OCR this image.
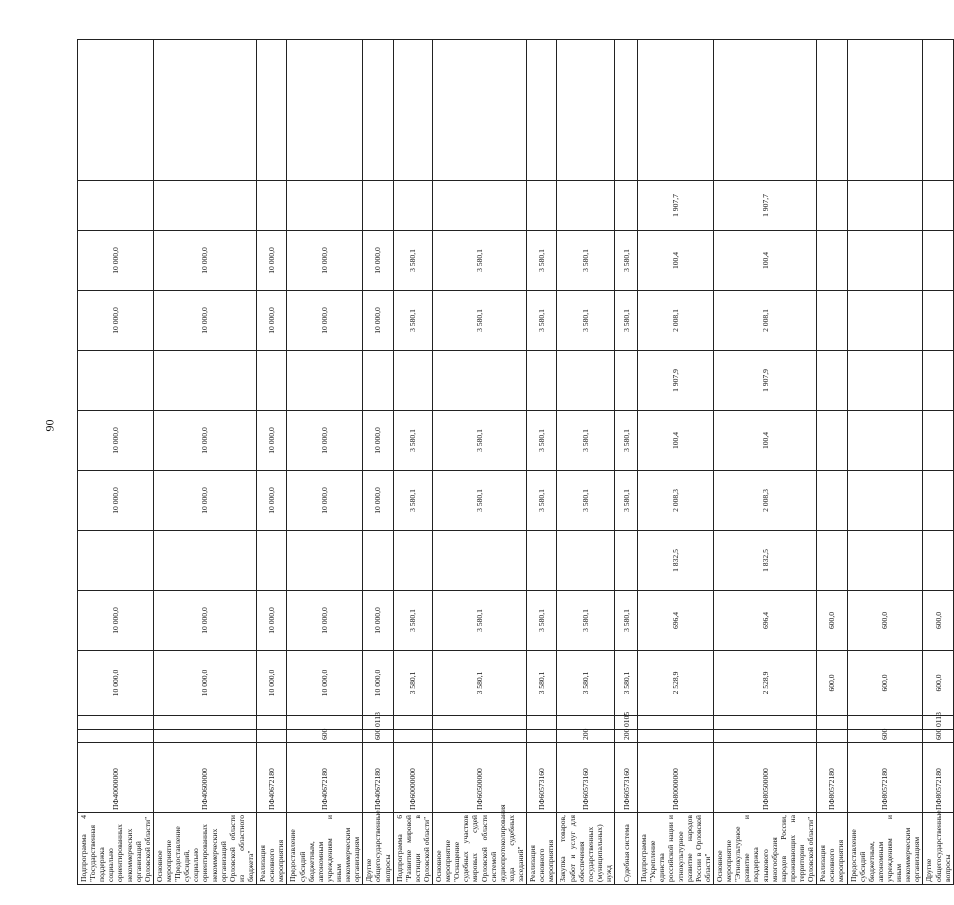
90
Подпрограмма 4 "Государственная поддержка социально ориентированных некоммерческих организаций Орловской области"	ПФ40000000			10 000,0	10 000,0		10 000,0	10 000,0		10 000,0	10 000,0		
Основное мероприятие "Предоставление субсидий, социально ориентированных некоммерческих организаций Орловской области из областного бюджета"	ПФ40600000			10 000,0	10 000,0		10 000,0	10 000,0		10 000,0	10 000,0		
Реализация основного мероприятия	ПФ40672180			10 000,0	10 000,0		10 000,0	10 000,0		10 000,0	10 000,0		
Предоставление субсидий бюджетным, автономным учреждениям и иным некоммерческим организациям	ПФ40672180	600		10 000,0	10 000,0		10 000,0	10 000,0		10 000,0	10 000,0		
Другие общегосударственные вопросы	ПФ40672180	600	0113	10 000,0	10 000,0		10 000,0	10 000,0		10 000,0	10 000,0		
Подпрограмма 6 "Развитие мировой юстиции в Орловской области"	ПФ60000000			3 580,1	3 580,1		3 580,1	3 580,1		3 580,1	3 580,1		
Основное мероприятие "Оснащение судебных участков мировых судей Орловской области системой аудиопротоколирования хода судебных заседаний"	ПФ60500000			3 580,1	3 580,1		3 580,1	3 580,1		3 580,1	3 580,1		
Реализация основного мероприятия	ПФ60573160			3 580,1	3 580,1		3 580,1	3 580,1		3 580,1	3 580,1		
Закупка товаров, работ и услуг для обеспечения государственных (муниципальных) нужд	ПФ60573160	200		3 580,1	3 580,1		3 580,1	3 580,1		3 580,1	3 580,1		
Судебная система	ПФ60573160	200	0105	3 580,1	3 580,1		3 580,1	3 580,1		3 580,1	3 580,1		
Подпрограмма "Укрепление единства российской нации и этнокультурное развитие народов России в Орловской области"	ПФ80000000			2 528,9	696,4	1 832,5	2 008,3	100,4	1 907,9	2 008,1	100,4	1 907,7	
Основное мероприятие "Этнокультурное развитие и поддержка языкового многообразия народов России, проживающих на территории Орловской области"	ПФ80500000			2 528,9	696,4	1 832,5	2 008,3	100,4	1 907,9	2 008,1	100,4	1 907,7	
Реализация основного мероприятия	ПФ80572180			600,0	600,0								
Предоставление субсидий бюджетным, автономным учреждениям и иным некоммерческим организациям	ПФ80572180	600		600,0	600,0								
Другие общегосударственные вопросы	ПФ80572180	600	0113	600,0	600,0								
